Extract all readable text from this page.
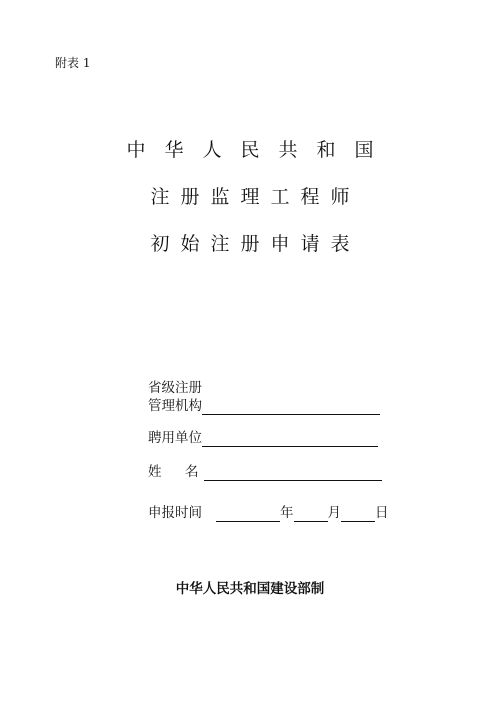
附表 1
中华人民共和国
注册监理工程师
初始注册申请表
省级注册
管理机构
聘用单位
姓 名
申报时间	年	月	日
中华人民共和国建设部制
